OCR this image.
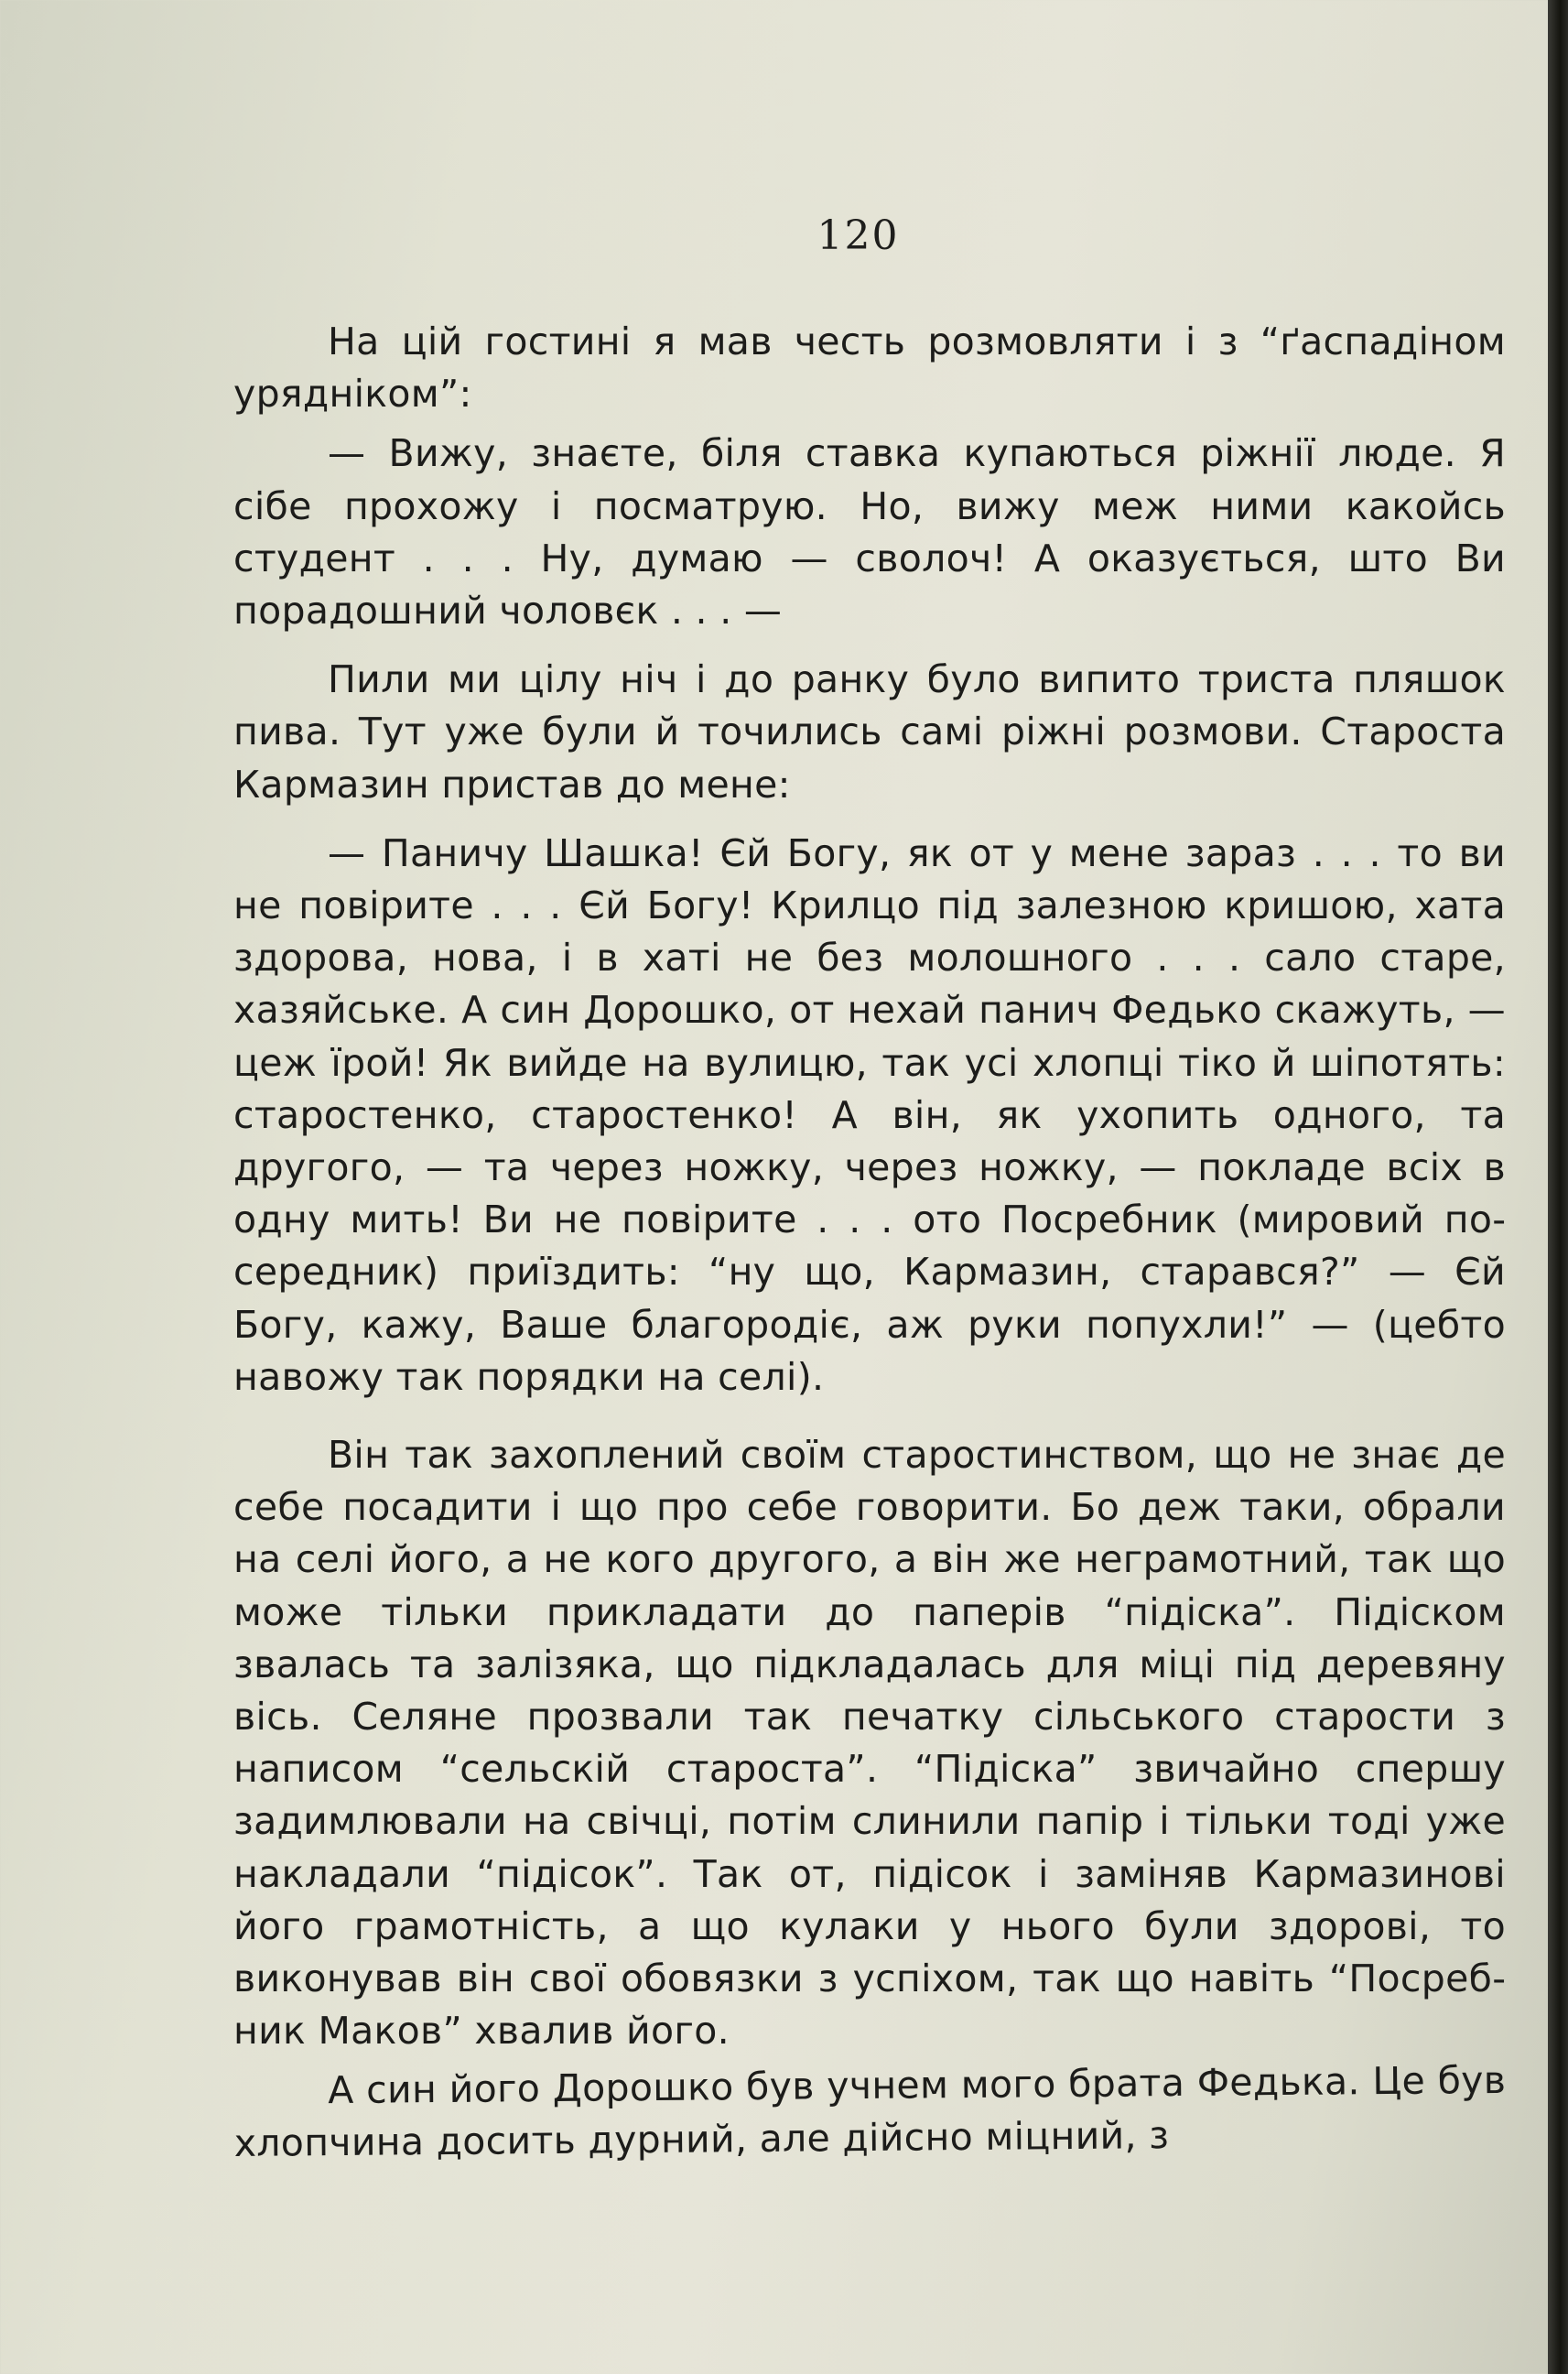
120

На цій гостині я мав честь розмовляти і з “ґаспадіном урядніком”:

— Вижу, знаєте, біля ставка купаються ріжнії люде. Я сібе прохожу і посматрую. Но, вижу меж ними какойсь студент . . . Ну, думаю — сволоч! А оказується, што Ви порадошний чоловєк . . . —

Пили ми цілу ніч і до ранку було випито триста пляшок пива. Тут уже були й точились самі ріжні розмови. Староста Кармазин пристав до мене:

— Паничу Шашка! Єй Богу, як от у мене зараз . . . то ви не повірите . . . Єй Богу! Крилцо під залезною кришою, хата здорова, нова, і в хаті не без молошного . . . сало старе, хазяйське. А син Дорошко, от нехай панич Федько скажуть, — цеж їрой! Як вийде на вулицю, так усі хлопці тіко й шіпотять: старостенко, старостенко! А він, як ухопить одного, та другого, — та через ножку, через ножку, — покладе всіх в одну мить! Ви не повірите . . . ото Посребник (мировий посередник) приїздить: “ну що, Кармазин, старався?” — Єй Богу, кажу, Ваше благородіє, аж руки попухли!” — (цебто навожу так порядки на селі).

Він так захоплений своїм старостинством, що не знає де себе посадити і що про себе говорити. Бо деж таки, обрали на селі його, а не кого другого, а він же неграмотний, так що може тільки прикладати до паперів “підіска”. Підіском звалась та залізяка, що підкладалась для міці під деревяну вісь. Селяне прозвали так печатку сільського старости з написом “сельскій староста”. “Підіска” звичайно спершу задимлювали на свічці, потім слинили папір і тільки тоді уже накладали “підісок”. Так от, підісок і заміняв Кармазинові його грамотність, а що кулаки у нього були здорові, то виконував він свої обовязки з успіхом, так що навіть “Посребник Маков” хвалив його.

А син його Дорошко був учнем мого брата Федька. Це був хлопчина досить дурний, але дійсно міцний, з
